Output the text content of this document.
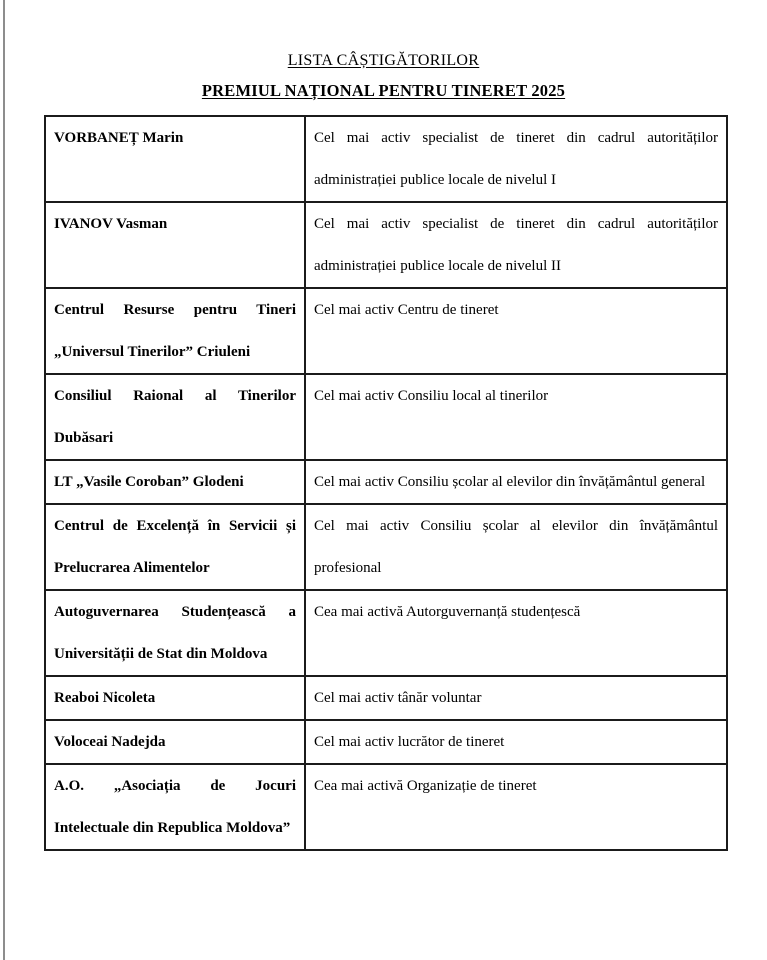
LISTA CÂȘTIGĂTORILOR
PREMIUL NAȚIONAL PENTRU TINERET 2025
VORBANEȚ Marin	Cel mai activ specialist de tineret din cadrul autorităților administrației publice locale de nivelul I
IVANOV Vasman	Cel mai activ specialist de tineret din cadrul autorităților administrației publice locale de nivelul II
Centrul Resurse pentru Tineri „Universul Tinerilor” Criuleni	Cel mai activ Centru de tineret
Consiliul Raional al Tinerilor Dubăsari	Cel mai activ Consiliu local al tinerilor
LT „Vasile Coroban” Glodeni	Cel mai activ Consiliu școlar al elevilor din învățământul general
Centrul de Excelență în Servicii și Prelucrarea Alimentelor	Cel mai activ Consiliu școlar al elevilor din învățământul profesional
Autoguvernarea Studențească a Universității de Stat din Moldova	Cea mai activă Autorguvernanță studențescă
Reaboi Nicoleta	Cel mai activ tânăr voluntar
Voloceai Nadejda	Cel mai activ lucrător de tineret
A.O. „Asociația de Jocuri Intelectuale din Republica Moldova”	Cea mai activă Organizație de tineret
